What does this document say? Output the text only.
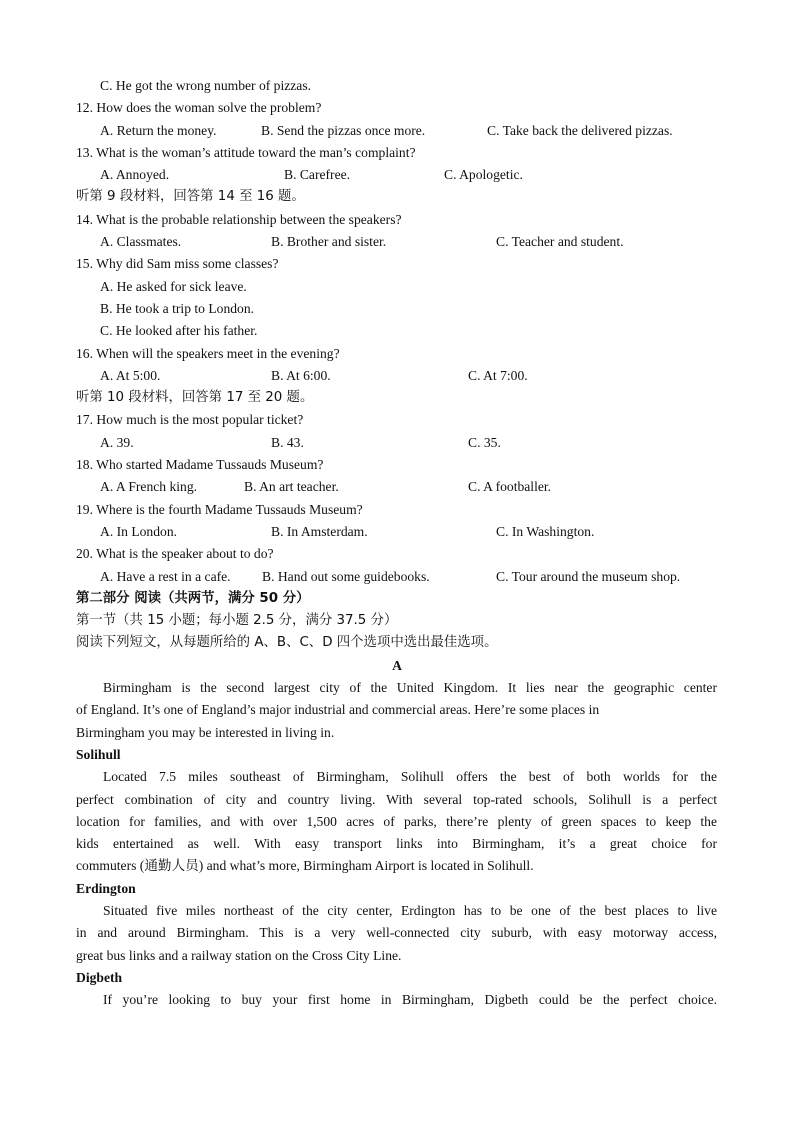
C. He got the wrong number of pizzas.
12. How does the woman solve the problem?
A. Return the money.	B. Send the pizzas once more.	C. Take back the delivered pizzas.
13. What is the woman’s attitude toward the man’s complaint?
A. Annoyed.	B. Carefree.	C. Apologetic.
听第 9 段材料，回答第 14 至 16 题。
14. What is the probable relationship between the speakers?
A. Classmates.	B. Brother and sister.	C. Teacher and student.
15. Why did Sam miss some classes?
A. He asked for sick leave.
B. He took a trip to London.
C. He looked after his father.
16. When will the speakers meet in the evening?
A. At 5:00.	B. At 6:00.	C. At 7:00.
听第 10 段材料，回答第 17 至 20 题。
17. How much is the most popular ticket?
A. 39.	B. 43.	C. 35.
18. Who started Madame Tussauds Museum?
A. A French king.	B. An art teacher.	C. A footballer.
19. Where is the fourth Madame Tussauds Museum?
A. In London.	B. In Amsterdam.	C. In Washington.
20. What is the speaker about to do?
A. Have a rest in a cafe. B. Hand out some guidebooks.	C. Tour around the museum shop.
第二部分 阅读（共两节，满分 50 分）
第一节（共 15 小题；每小题 2.5 分，满分 37.5 分）
阅读下列短文，从每题所给的 A、B、C、D 四个选项中选出最佳选项。
A
Birmingham is the second largest city of the United Kingdom. It lies near the geographic center
of England. It’s one of England’s major industrial and commercial areas. Here’re some places in
Birmingham you may be interested in living in.
Solihull
Located 7.5 miles southeast of Birmingham, Solihull offers the best of both worlds for the
perfect combination of city and country living. With several top-rated schools, Solihull is a perfect
location for families, and with over 1,500 acres of parks, there’re plenty of green spaces to keep the
kids entertained as well. With easy transport links into Birmingham, it’s a great choice for
commuters (通勤人员) and what’s more, Birmingham Airport is located in Solihull.
Erdington
Situated five miles northeast of the city center, Erdington has to be one of the best places to live
in and around Birmingham. This is a very well-connected city suburb, with easy motorway access,
great bus links and a railway station on the Cross City Line.
Digbeth
If you’re looking to buy your first home in Birmingham, Digbeth could be the perfect choice.
